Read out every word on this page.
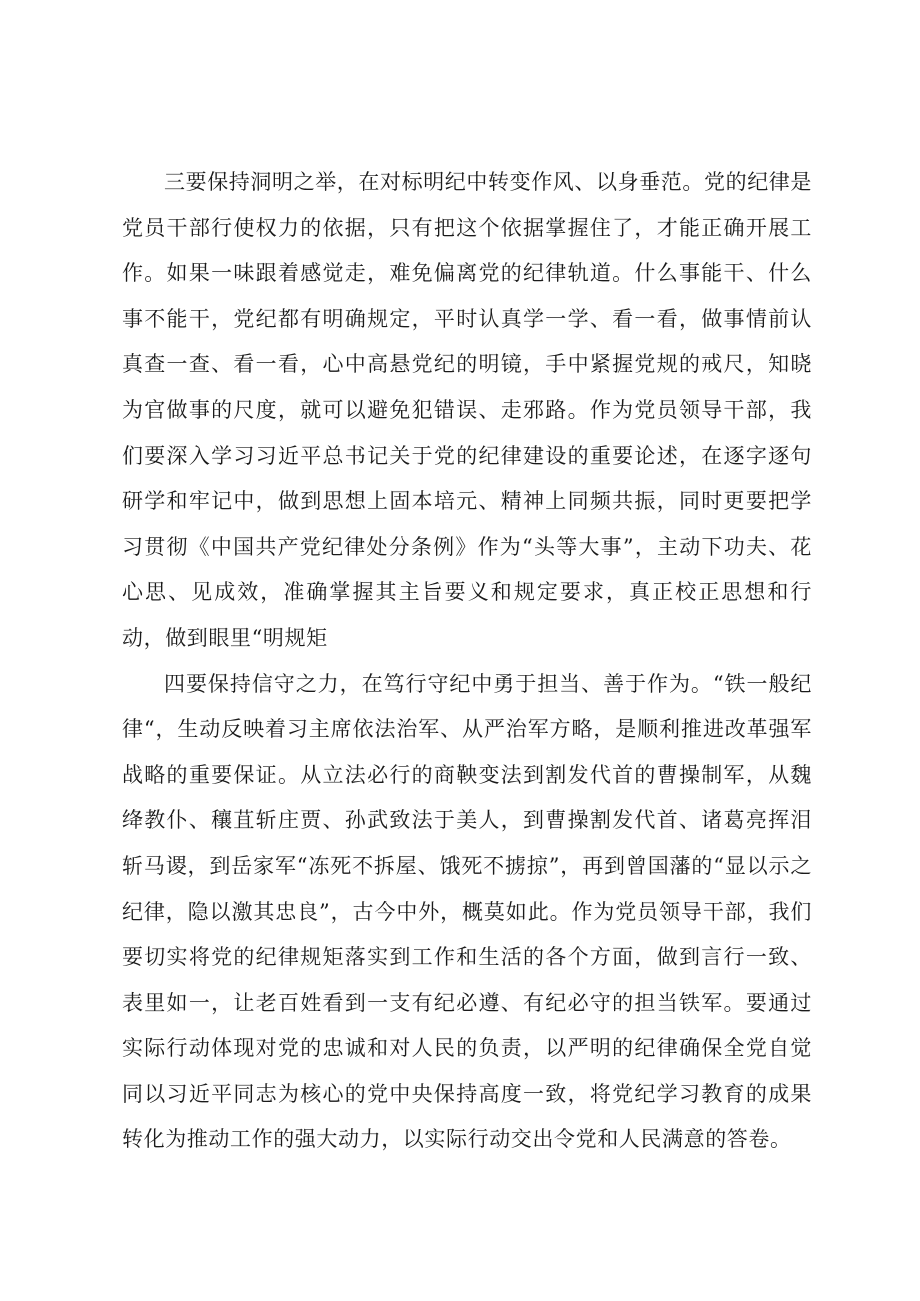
三要保持洞明之举，在对标明纪中转变作风、以身垂范。党的纪律是党员干部行使权力的依据，只有把这个依据掌握住了，才能正确开展工作。如果一味跟着感觉走，难免偏离党的纪律轨道。什么事能干、什么事不能干，党纪都有明确规定，平时认真学一学、看一看，做事情前认真查一查、看一看，心中高悬党纪的明镜，手中紧握党规的戒尺，知晓为官做事的尺度，就可以避免犯错误、走邪路。作为党员领导干部，我们要深入学习习近平总书记关于党的纪律建设的重要论述，在逐字逐句研学和牢记中，做到思想上固本培元、精神上同频共振，同时更要把学习贯彻《中国共产党纪律处分条例》作为“头等大事”，主动下功夫、花心思、见成效，准确掌握其主旨要义和规定要求，真正校正思想和行动，做到眼里“明规矩

四要保持信守之力，在笃行守纪中勇于担当、善于作为。“铁一般纪律“，生动反映着习主席依法治军、从严治军方略，是顺利推进改革强军战略的重要保证。从立法必行的商鞅变法到割发代首的曹操制军，从魏绛教仆、穰苴斩庄贾、孙武致法于美人，到曹操割发代首、诸葛亮挥泪斩马谡，到岳家军“冻死不拆屋、饿死不掳掠”，再到曾国藩的“显以示之纪律，隐以激其忠良”，古今中外，概莫如此。作为党员领导干部，我们要切实将党的纪律规矩落实到工作和生活的各个方面，做到言行一致、表里如一，让老百姓看到一支有纪必遵、有纪必守的担当铁军。要通过实际行动体现对党的忠诚和对人民的负责，以严明的纪律确保全党自觉同以习近平同志为核心的党中央保持高度一致，将党纪学习教育的成果转化为推动工作的强大动力，以实际行动交出令党和人民满意的答卷。
